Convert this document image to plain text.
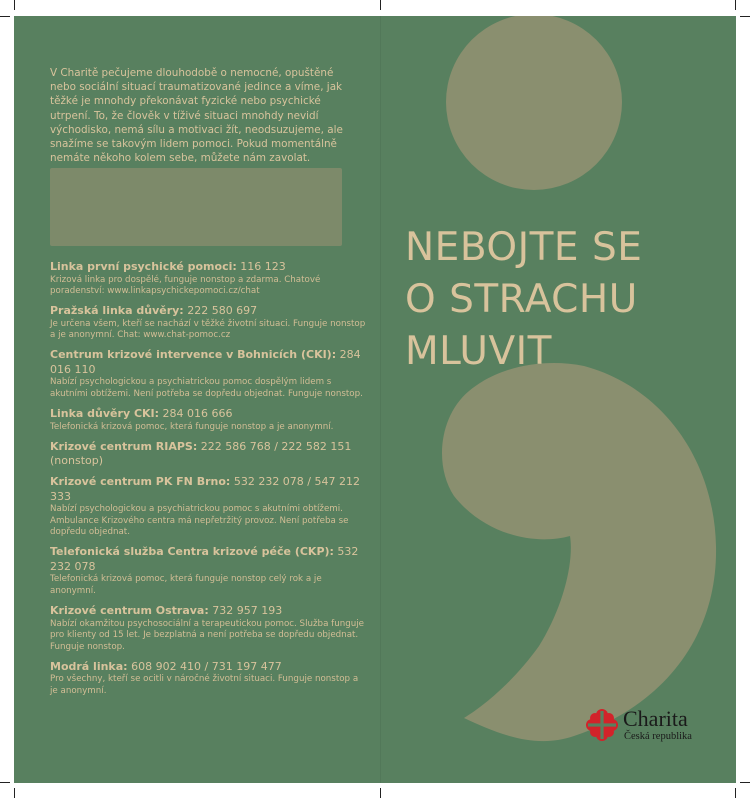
V Charitě pečujeme dlouhodobě o nemocné, opuštěné nebo sociální situací traumatizované jedince a víme, jak těžké je mnohdy překonávat fyzické nebo psychické utrpení. To, že člověk v tíživé situaci mnohdy nevidí východisko, nemá sílu a motivaci žít, neodsuzujeme, ale snažíme se takovým lidem pomoci. Pokud momentálně nemáte někoho kolem sebe, můžete nám zavolat.

Linka první psychické pomoci: 116 123
Krizová linka pro dospělé, funguje nonstop a zdarma. Chatové poradenství: www.linkapsychickepomoci.cz/chat
Pražská linka důvěry: 222 580 697
Je určena všem, kteří se nachází v těžké životní situaci. Funguje nonstop a je anonymní. Chat: www.chat-pomoc.cz
Centrum krizové intervence v Bohnicích (CKI): 284 016 110
Nabízí psychologickou a psychiatrickou pomoc dospělým lidem s akutními obtížemi. Není potřeba se dopředu objednat. Funguje nonstop.
Linka důvěry CKI: 284 016 666
Telefonická krizová pomoc, která funguje nonstop a je anonymní.
Krizové centrum RIAPS: 222 586 768 / 222 582 151 (nonstop)
Krizové centrum PK FN Brno: 532 232 078 / 547 212 333
Nabízí psychologickou a psychiatrickou pomoc s akutními obtížemi. Ambulance Krizového centra má nepřetržitý provoz. Není potřeba se dopředu objednat.
Telefonická služba Centra krizové péče (CKP): 532 232 078
Telefonická krizová pomoc, která funguje nonstop celý rok a je anonymní.
Krizové centrum Ostrava: 732 957 193
Nabízí okamžitou psychosociální a terapeutickou pomoc. Služba funguje pro klienty od 15 let. Je bezplatná a není potřeba se dopředu objednat. Funguje nonstop.
Modrá linka: 608 902 410 / 731 197 477
Pro všechny, kteří se ocitli v náročné životní situaci. Funguje nonstop a je anonymní.
NEBOJTE SE
O STRACHU
MLUVIT
Charita
Česká republika
